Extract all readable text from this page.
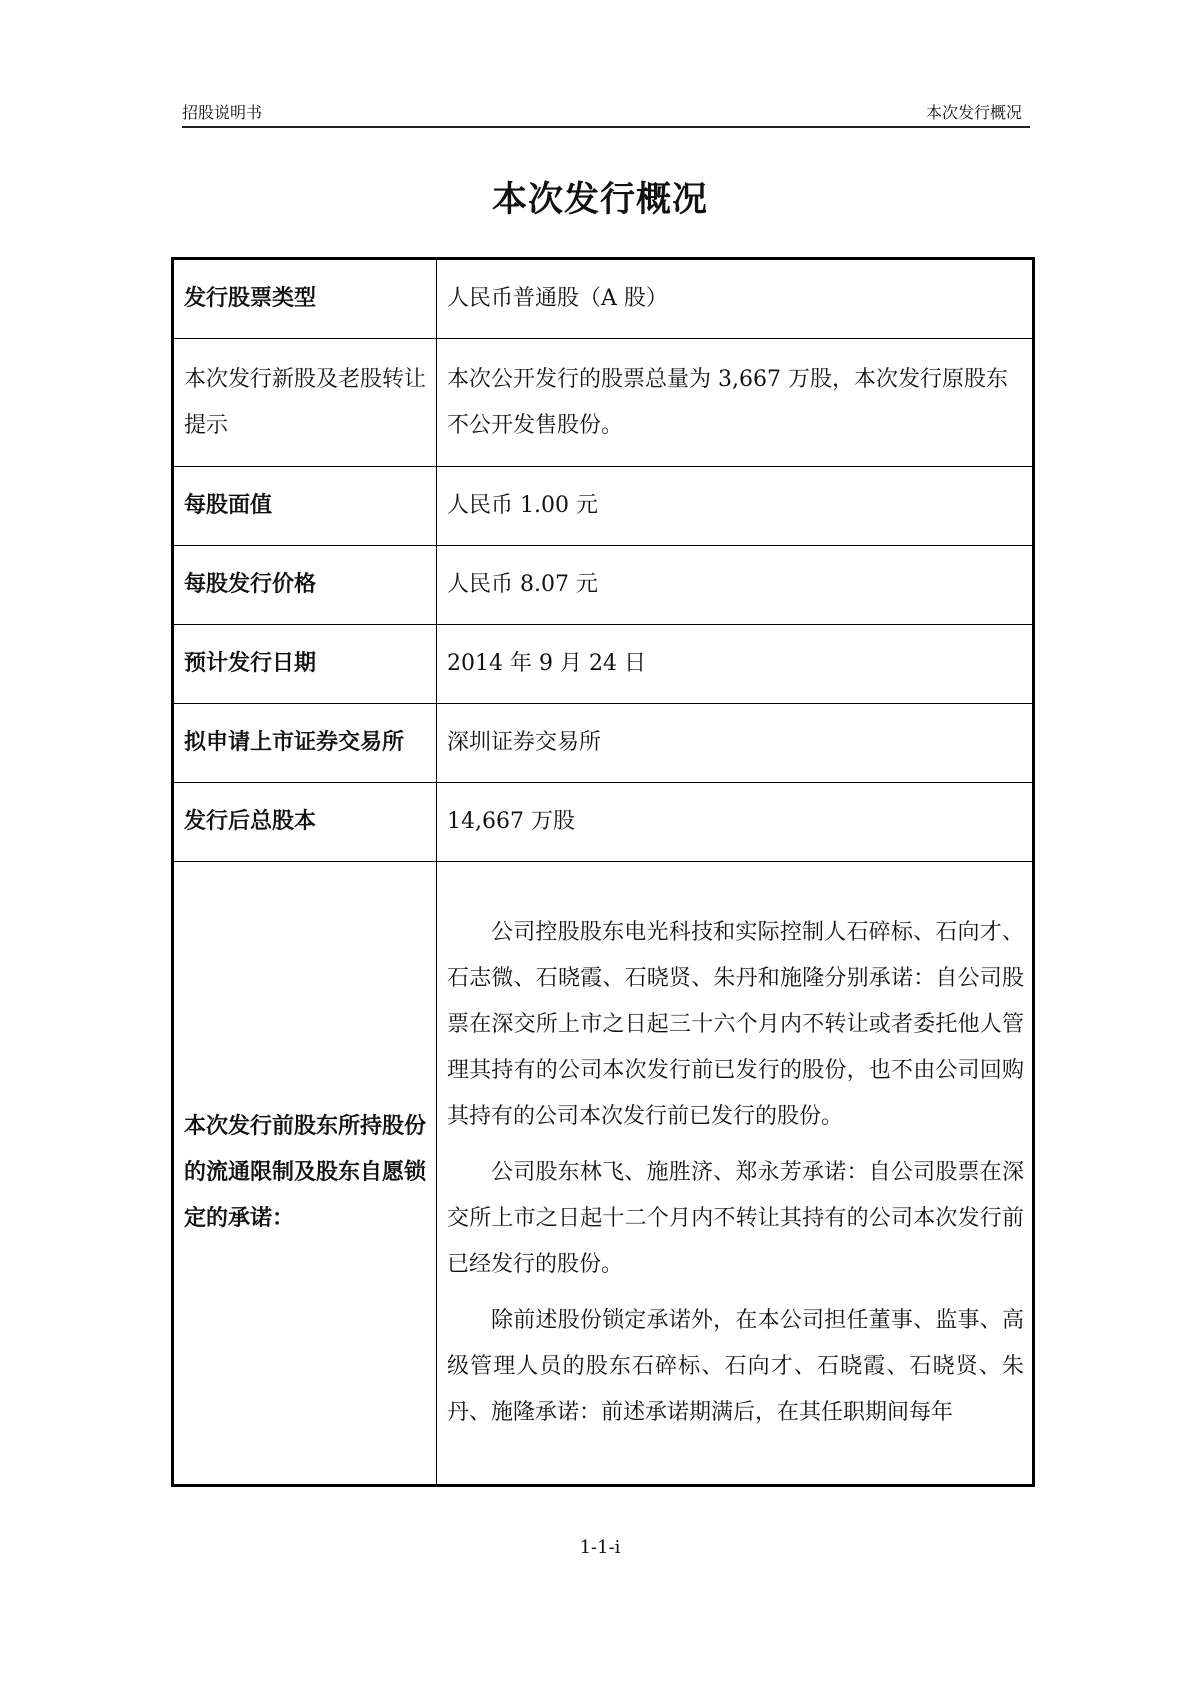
招股说明书	本次发行概况
本次发行概况
发行股票类型	人民币普通股（A 股）
本次发行新股及老股转让提示	本次公开发行的股票总量为 3,667 万股，本次发行原股东不公开发售股份。
每股面值	人民币 1.00 元
每股发行价格	人民币 8.07 元
预计发行日期	2014 年 9 月 24 日
拟申请上市证券交易所	深圳证券交易所
发行后总股本	14,667 万股
本次发行前股东所持股份的流通限制及股东自愿锁定的承诺：	公司控股股东电光科技和实际控制人石碎标、石向才、石志微、石晓霞、石晓贤、朱丹和施隆分别承诺：自公司股票在深交所上市之日起三十六个月内不转让或者委托他人管理其持有的公司本次发行前已发行的股份，也不由公司回购其持有的公司本次发行前已发行的股份。

公司股东林飞、施胜济、郑永芳承诺：自公司股票在深交所上市之日起十二个月内不转让其持有的公司本次发行前已经发行的股份。

除前述股份锁定承诺外，在本公司担任董事、监事、高级管理人员的股东石碎标、石向才、石晓霞、石晓贤、朱丹、施隆承诺：前述承诺期满后，在其任职期间每年

1-1-i
